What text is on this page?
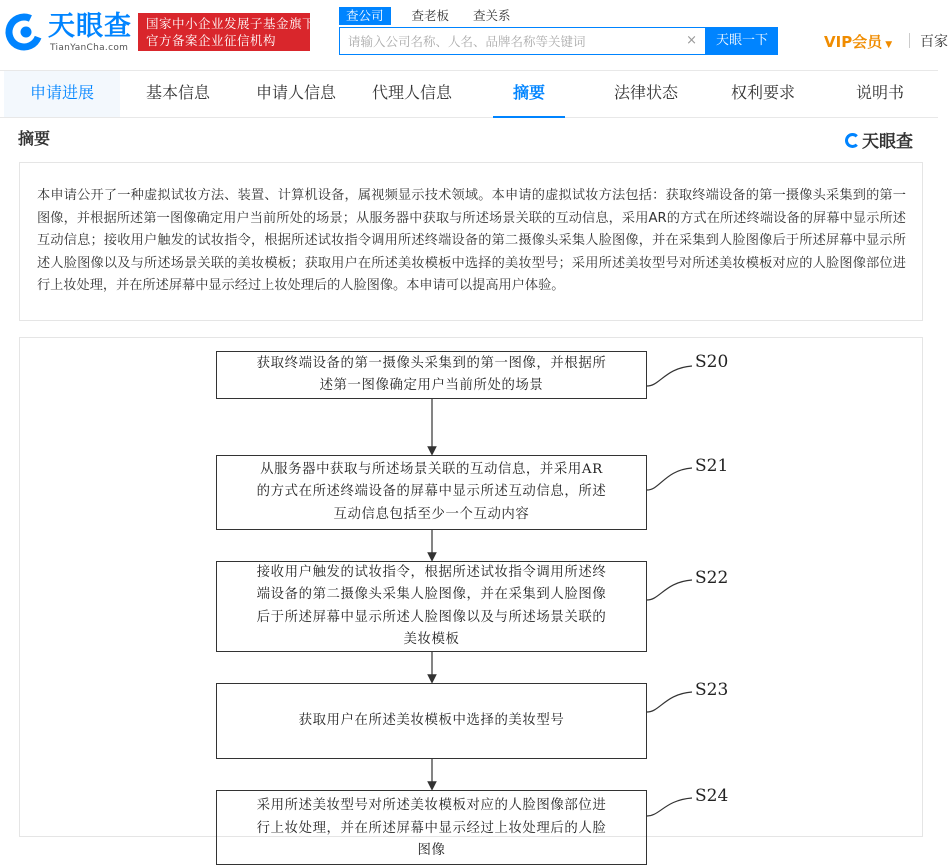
天眼查
TianYanCha.com
国家中小企业发展子基金旗下
官方备案企业征信机构
查公司 查老板 查关系
请输入公司名称、人名、品牌名称等关键词
×	天眼一下	VIP会员 ▼ 百家
申请进展	基本信息	申请人信息	代理人信息	摘要	法律状态	权利要求	说明书
摘要	天眼查
本申请公开了一种虚拟试妆方法、装置、计算机设备，属视频显示技术领域。本申请的虚拟试妆方法包括：获取终端设备的第一摄像头采集到的第一图像，并根据所述第一图像确定用户当前所处的场景；从服务器中获取与所述场景关联的互动信息，采用AR的方式在所述终端设备的屏幕中显示所述互动信息；接收用户触发的试妆指令，根据所述试妆指令调用所述终端设备的第二摄像头采集人脸图像，并在采集到人脸图像后于所述屏幕中显示所述人脸图像以及与所述场景关联的美妆模板；获取用户在所述美妆模板中选择的美妆型号；采用所述美妆型号对所述美妆模板对应的人脸图像部位进行上妆处理，并在所述屏幕中显示经过上妆处理后的人脸图像。本申请可以提高用户体验。
获取终端设备的第一摄像头采集到的第一图像，并根据所
述第一图像确定用户当前所处的场景
S20
从服务器中获取与所述场景关联的互动信息，并采用AR
的方式在所述终端设备的屏幕中显示所述互动信息，所述
互动信息包括至少一个互动内容
S21
接收用户触发的试妆指令，根据所述试妆指令调用所述终
端设备的第二摄像头采集人脸图像，并在采集到人脸图像
后于所述屏幕中显示所述人脸图像以及与所述场景关联的
美妆模板
S22
获取用户在所述美妆模板中选择的美妆型号
S23
采用所述美妆型号对所述美妆模板对应的人脸图像部位进
行上妆处理，并在所述屏幕中显示经过上妆处理后的人脸
图像
S24
